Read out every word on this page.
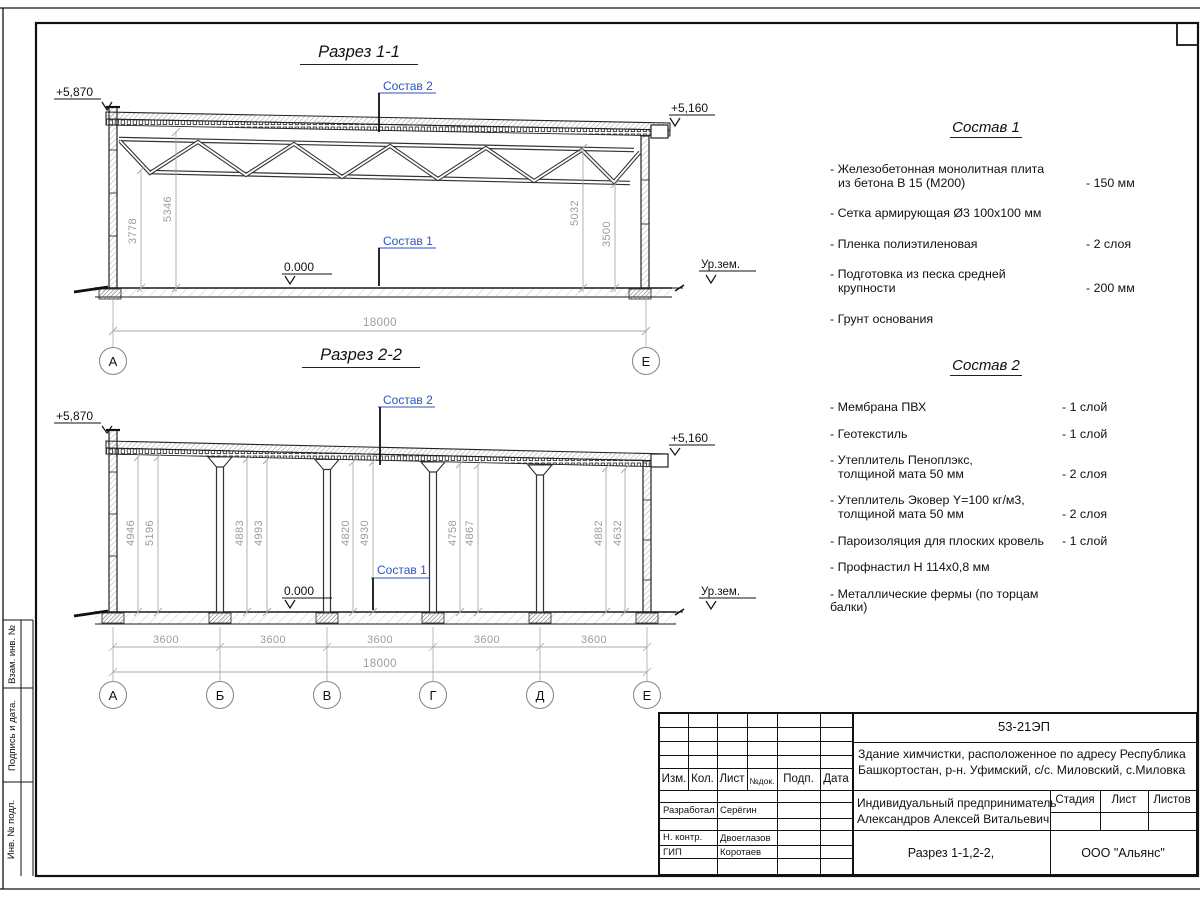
3778
5346	5032
3500
+5,870
+5,160
0.000	Ур.зем.
Состав 2
Состав 1
18000
А	Е
4946 5196	4883 4993	4820 4930	4758 4867	4882 4632
+5,870
+5,160
0.000	Ур.зем.
Состав 2
Состав 1
3600	3600	3600	3600	3600
18000
А	Б	В	Г	Д	Е
Разрез 1-1
Разрез 2-2
Состав 1
- Железобетонная монолитная плита
из бетона В 15 (М200)	- 150 мм
- Сетка армирующая Ø3 100х100 мм
- Пленка полиэтиленовая	- 2 слоя
- Подготовка из песка средней
крупности	- 200 мм
- Грунт основания
Состав 2
- Мембрана ПВХ	- 1 слой
- Геотекстиль	- 1 слой
- Утеплитель Пеноплэкс,
толщиной мата 50 мм	- 2 слоя
- Утеплитель Эковер Y=100 кг/м3,
толщиной мата 50 мм	- 2 слоя
- Пароизоляция для плоских кровель - 1 слой
- Профнастил Н 114х0,8 мм
- Металлические фермы (по торцам балки)
Взам. инв. №
Подпись и дата.
Инв. № подл.
Изм. Кол. Лист №док. Подп. Дата
Разработал Серёгин
Н. контр. Двоеглазов
ГИП	Коротаев
53-21ЭП
Здание химчистки, расположенное по адресу Республика
Башкортостан, р-н. Уфимский, с/с. Миловский, с.Миловка
Индивидуальный предприниматель
Александров Алексей Витальевич
Стадия	Лист	Листов
Разрез 1-1,2-2,	ООО "Альянс"
